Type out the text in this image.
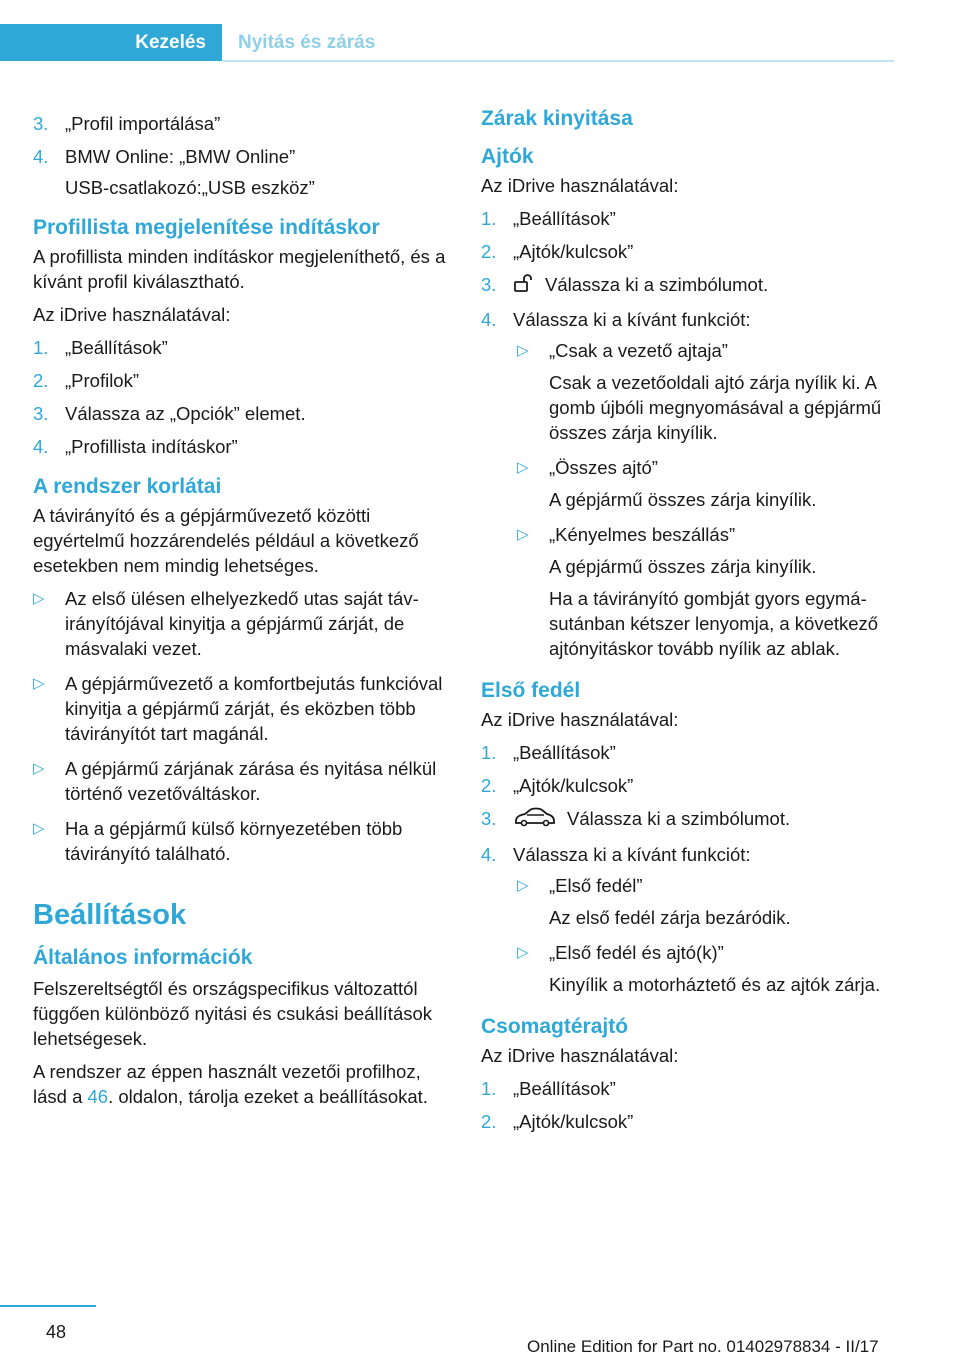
Kezelés Nyitás és zárás
3. „Profil importálása”
4. BMW Online: „BMW Online”
USB-csatlakozó:„USB eszköz”
Profillista megjelenítése indításkor

A profillista minden indításkor megjeleníthető, és a kívánt profil kiválasztható.

Az iDrive használatával:

1. „Beállítások”
2. „Profilok”
3. Válassza az „Opciók” elemet.
4. „Profillista indításkor”
A rendszer korlátai

A távirányító és a gépjárművezető közötti egyértelmű hozzárendelés például a következő esetekben nem mindig lehetséges.

▷ Az első ülésen elhelyezkedő utas saját távirányítójával kinyitja a gépjármű zárját, de másvalaki vezet.
▷ A gépjárművezető a komfortbejutás funkcióval kinyitja a gépjármű zárját, és eközben több távirányítót tart magánál.
▷ A gépjármű zárjának zárása és nyitása nélkül történő vezetőváltáskor.
▷ Ha a gépjármű külső környezetében több távirányító található.
Beállítások
Általános információk

Felszereltségtől és országspecifikus változattól függően különböző nyitási és csukási beállítások lehetségesek.

A rendszer az éppen használt vezetői profilhoz, lásd a 46. oldalon, tárolja ezeket a beállításokat.

Zárak kinyitása
Ajtók

Az iDrive használatával:

1. „Beállítások”
2. „Ajtók/kulcsok”
3.	Válassza ki a szimbólumot.
4. Válassza ki a kívánt funkciót:
▷ „Csak a vezető ajtaja”
Csak a vezetőoldali ajtó zárja nyílik ki. A gomb újbóli megnyomásával a gépjármű összes zárja kinyílik.
▷ „Összes ajtó”
A gépjármű összes zárja kinyílik.
▷ „Kényelmes beszállás”
A gépjármű összes zárja kinyílik.
Ha a távirányító gombját gyors egymásutánban kétszer lenyomja, a következő ajtónyitáskor tovább nyílik az ablak.
Első fedél

Az iDrive használatával:

1. „Beállítások”
2. „Ajtók/kulcsok”
3.	Válassza ki a szimbólumot.
4. Válassza ki a kívánt funkciót:
▷ „Első fedél”
Az első fedél zárja bezáródik.
▷ „Első fedél és ajtó(k)”
Kinyílik a motorháztető és az ajtók zárja.
Csomagtérajtó

Az iDrive használatával:

1. „Beállítások”
2. „Ajtók/kulcsok”
48
Online Edition for Part no. 01402978834 - II/17
